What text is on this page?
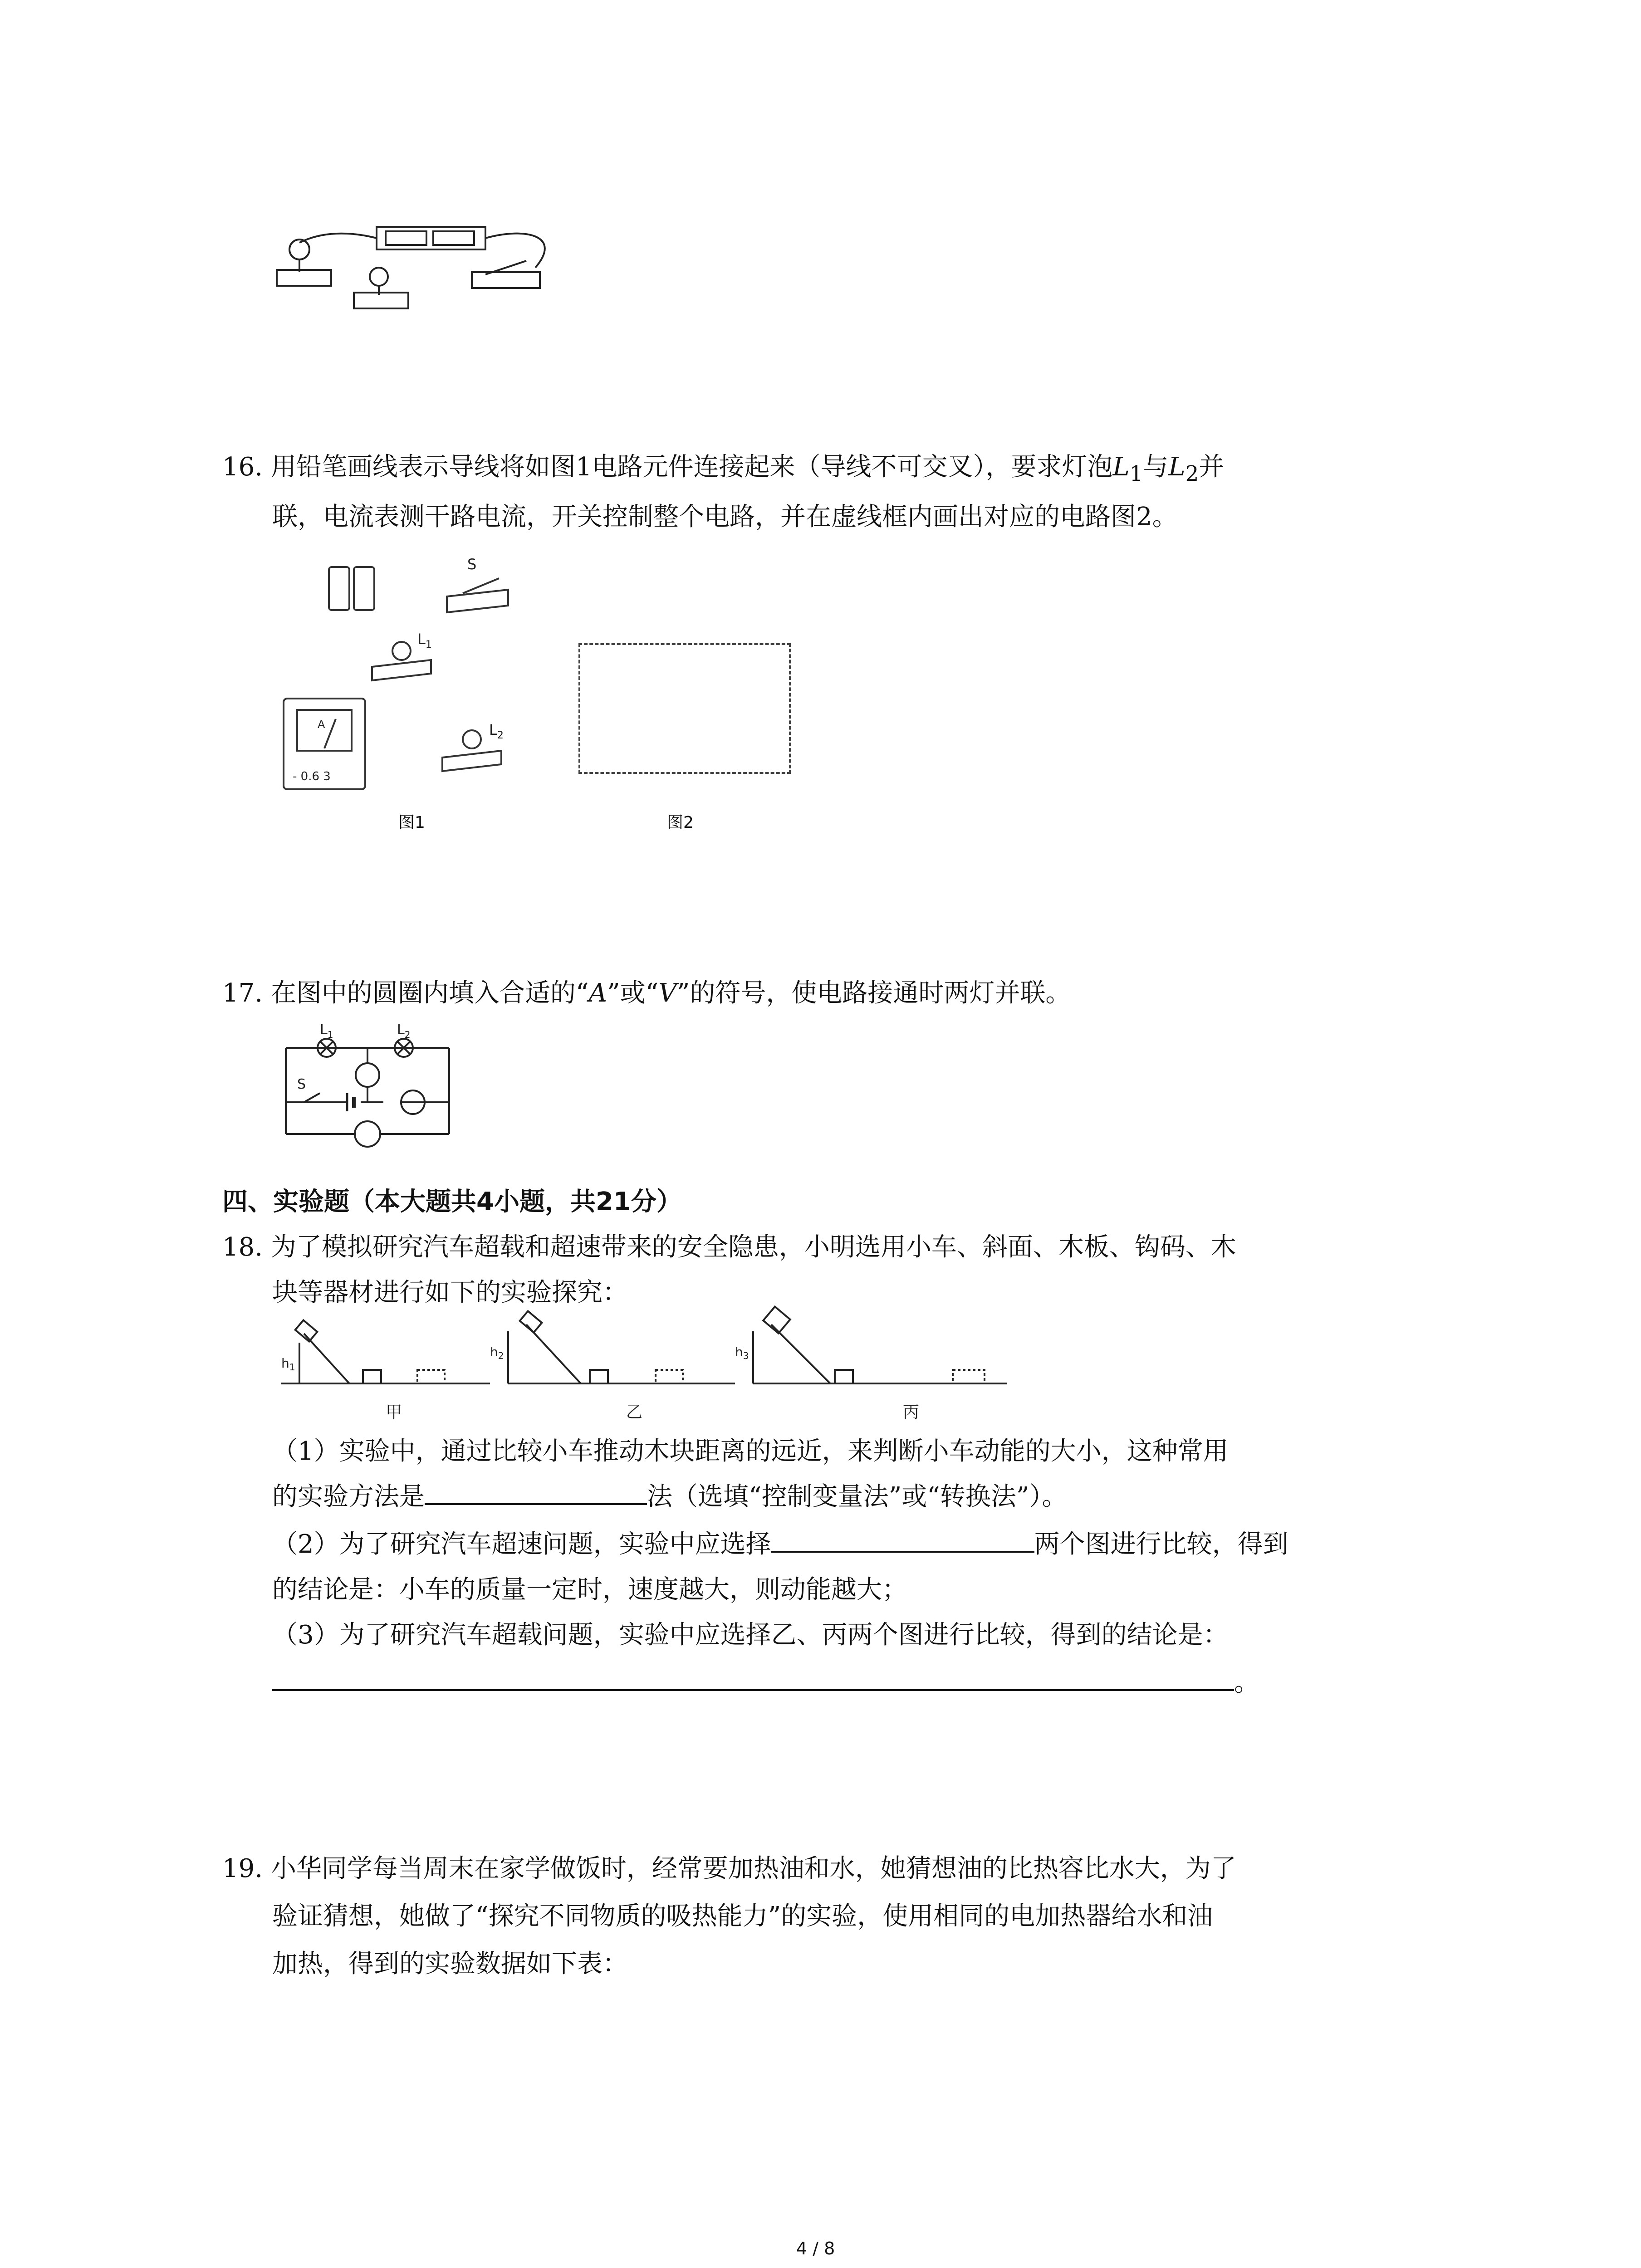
16. 用铅笔画线表示导线将如图1电路元件连接起来（导线不可交叉），要求灯泡$L_1$与$L_2$并
联，电流表测干路电流，开关控制整个电路，并在虚线框内画出对应的电路图2。
S
$L_1$
$L_2$
A
- 0.6 3
图1	图2
17. 在图中的圆圈内填入合适的“A”或“V”的符号，使电路接通时两灯并联。
$L_1$	$L_2$
S
四、实验题（本大题共4小题，共21分）
18. 为了模拟研究汽车超载和超速带来的安全隐患，小明选用小车、斜面、木板、钩码、木
块等器材进行如下的实验探究：
$h_1$
$h_2$	$h_3$
甲	乙	丙
（1）实验中，通过比较小车推动木块距离的远近，来判断小车动能的大小，这种常用
的实验方法是	法（选填“控制变量法”或“转换法”）。
（2）为了研究汽车超速问题，实验中应选择	两个图进行比较，得到
的结论是：小车的质量一定时，速度越大，则动能越大；
（3）为了研究汽车超载问题，实验中应选择乙、丙两个图进行比较，得到的结论是：
。
19. 小华同学每当周末在家学做饭时，经常要加热油和水，她猜想油的比热容比水大，为了
验证猜想，她做了“探究不同物质的吸热能力”的实验，使用相同的电加热器给水和油
加热，得到的实验数据如下表：
4 / 8
